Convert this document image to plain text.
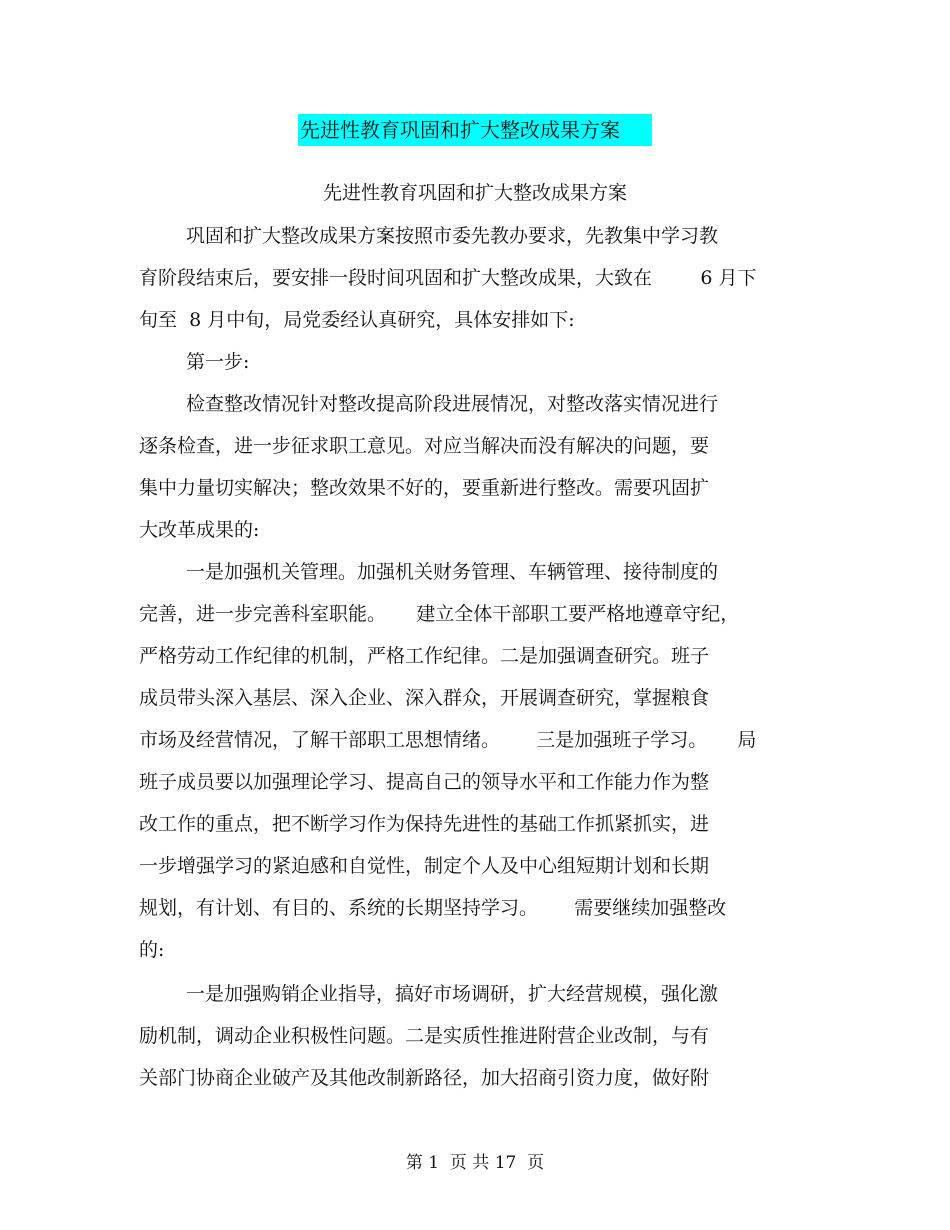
先进性教育巩固和扩大整改成果方案
先进性教育巩固和扩大整改成果方案
巩固和扩大整改成果方案按照市委先教办要求，先教集中学习教
育阶段结束后，要安排一段时间巩固和扩大整改成果，大致在        6 月下
旬至  8 月中旬，局党委经认真研究，具体安排如下:
第一步:
检查整改情况针对整改提高阶段进展情况，对整改落实情况进行
逐条检查，进一步征求职工意见。对应当解决而没有解决的问题，要
集中力量切实解决；整改效果不好的，要重新进行整改。需要巩固扩
大改革成果的:
一是加强机关管理。加强机关财务管理、车辆管理、接待制度的
完善，进一步完善科室职能。     建立全体干部职工要严格地遵章守纪，
严格劳动工作纪律的机制，严格工作纪律。二是加强调查研究。班子
成员带头深入基层、深入企业、深入群众，开展调查研究，掌握粮食
市场及经营情况，了解干部职工思想情绪。      三是加强班子学习。     局
班子成员要以加强理论学习、提高自己的领导水平和工作能力作为整
改工作的重点，把不断学习作为保持先进性的基础工作抓紧抓实，进
一步增强学习的紧迫感和自觉性，制定个人及中心组短期计划和长期
规划，有计划、有目的、系统的长期坚持学习。      需要继续加强整改
的:
一是加强购销企业指导，搞好市场调研，扩大经营规模，强化激
励机制，调动企业积极性问题。二是实质性推进附营企业改制，与有
关部门协商企业破产及其他改制新路径，加大招商引资力度，做好附
第 1  页 共 17  页
